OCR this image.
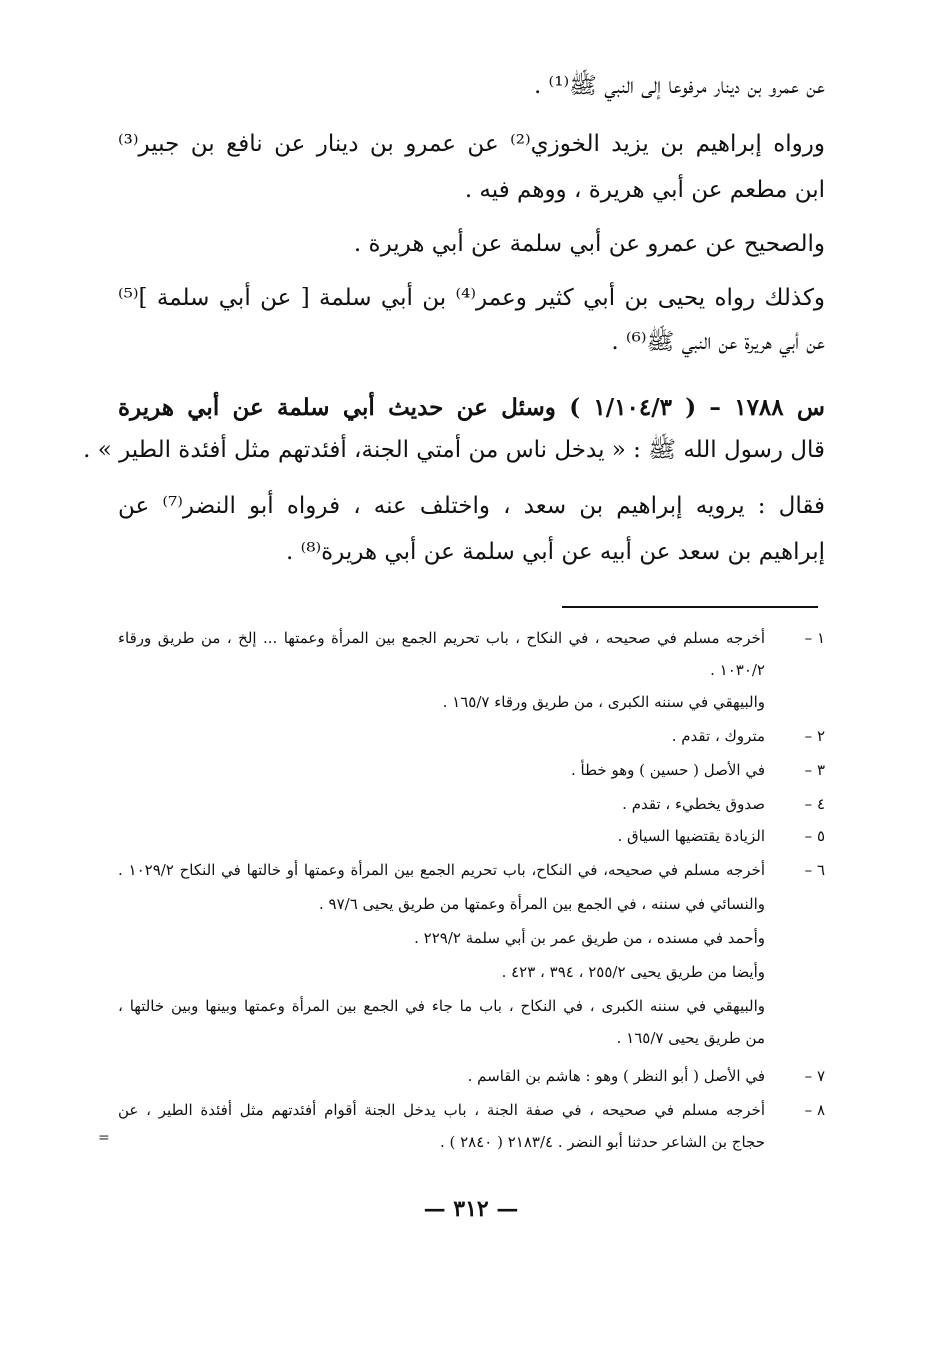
عن عمرو بن دينار مرفوعا إلى النبي ﷺ⁽¹⁾ .
ورواه إبراهيم بن يزيد الخوزي⁽²⁾ عن عمرو بن دينار عن نافع بن جبير⁽³⁾
ابن مطعم عن أبي هريرة ، ووهم فيه .
والصحيح عن عمرو عن أبي سلمة عن أبي هريرة .
وكذلك رواه يحيى بن أبي كثير وعمر⁽⁴⁾ بن أبي سلمة [ عن أبي سلمة ]⁽⁵⁾
عن أبي هريرة عن النبي ﷺ⁽⁶⁾ .
س ١٧٨٨ – ( ١/١٠٤/٣ ) وسئل عن حديث أبي سلمة عن أبي هريرة
قال رسول الله ﷺ : « يدخل ناس من أمتي الجنة، أفئدتهم مثل أفئدة الطير » .
فقال : يرويه إبراهيم بن سعد ، واختلف عنه ، فرواه أبو النضر⁽⁷⁾ عن
إبراهيم بن سعد عن أبيه عن أبي سلمة عن أبي هريرة⁽⁸⁾ .
١ –
٢ –
٣ –
٤ –
٥ –
٦ –
٧ –
٨ –
أخرجه مسلم في صحيحه ، في النكاح ، باب تحريم الجمع بين المرأة وعمتها ... إلخ ، من طريق ورقاء
١٠٣٠/٢ .
والبيهقي في سننه الكبرى ، من طريق ورقاء ١٦٥/٧ .
متروك ، تقدم .
في الأصل ( حسين ) وهو خطأ .
صدوق يخطيء ، تقدم .
الزيادة يقتضيها السياق .
أخرجه مسلم في صحيحه، في النكاح، باب تحريم الجمع بين المرأة وعمتها أو خالتها في النكاح ١٠٢٩/٢ .
والنسائي في سننه ، في الجمع بين المرأة وعمتها من طريق يحيى ٩٧/٦ .
وأحمد في مسنده ، من طريق عمر بن أبي سلمة ٢٢٩/٢ .
وأيضا من طريق يحيى ٢٥٥/٢ ، ٣٩٤ ، ٤٢٣ .
والبيهقي في سننه الكبرى ، في النكاح ، باب ما جاء في الجمع بين المرأة وعمتها وبينها وبين خالتها ،
من طريق يحيى ١٦٥/٧ .
في الأصل ( أبو النظر ) وهو : هاشم بن القاسم .
أخرجه مسلم في صحيحه ، في صفة الجنة ، باب يدخل الجنة أقوام أفئدتهم مثل أفئدة الطير ، عن
حجاج بن الشاعر حدثنا أبو النضر . ٢١٨٣/٤ ( ٢٨٤٠ ) .
=
— ٣١٢ —
